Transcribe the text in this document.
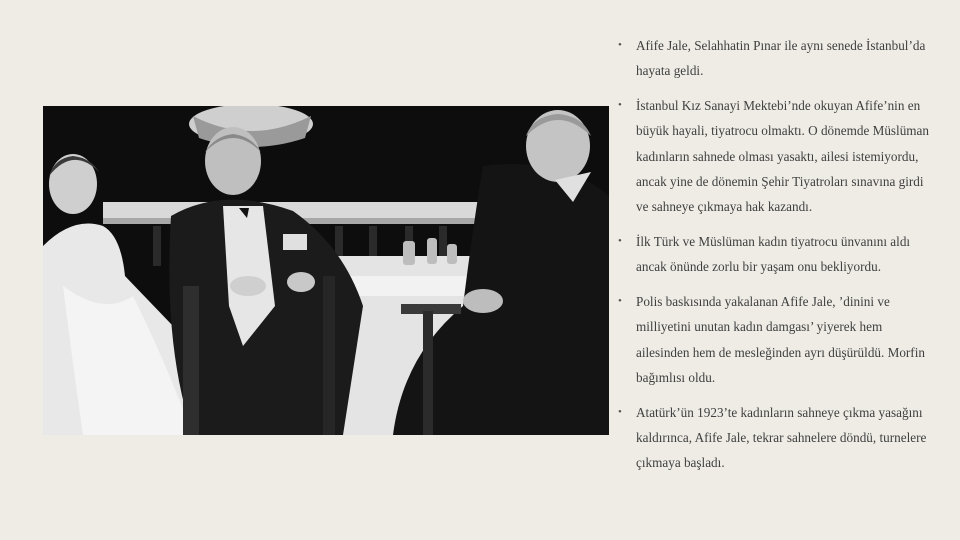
• Afife Jale, Selahhatin Pınar ile aynı senede İstanbul’da hayata geldi.
• İstanbul Kız Sanayi Mektebi’nde okuyan Afife’nin en büyük hayali, tiyatrocu olmaktı. O dönemde Müslüman kadınların sahnede olması yasaktı, ailesi istemiyordu, ancak yine de dönemin Şehir Tiyatroları sınavına girdi ve sahneye çıkmaya hak kazandı.
• İlk Türk ve Müslüman kadın tiyatrocu ünvanını aldı ancak önünde zorlu bir yaşam onu bekliyordu.
• Polis baskısında yakalanan Afife Jale, ’dinini ve milliyetini unutan kadın damgası’ yiyerek hem ailesinden hem de mesleğinden ayrı düşürüldü. Morfin bağımlısı oldu.
• Atatürk’ün 1923’te kadınların sahneye çıkma yasağını kaldırınca, Afife Jale, tekrar sahnelere döndü, turnelere çıkmaya başladı.
